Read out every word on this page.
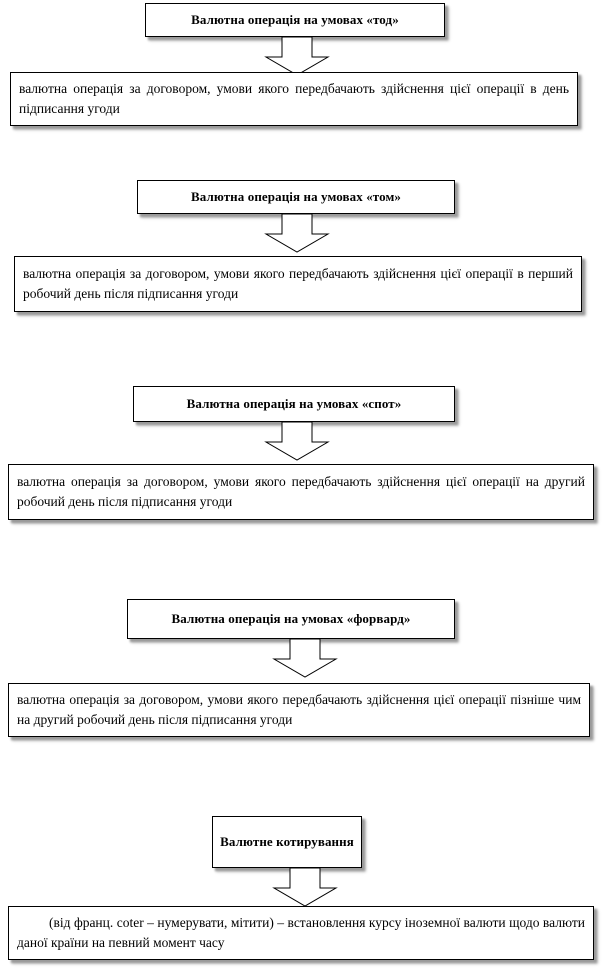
Валютна операція на умовах «тод»
валютна операція за договором, умови якого передбачають здійснення цієї операції в день підписання угоди
Валютна операція на умовах «том»
валютна операція за договором, умови якого передбачають здійснення цієї операції в перший робочий день після підписання угоди
Валютна операція на умовах «спот»
валютна операція за договором, умови якого передбачають здійснення цієї операції на другий робочий день після підписання угоди
Валютна операція на умовах «форвард»
валютна операція за договором, умови якого передбачають здійснення цієї операції пізніше чим на другий робочий день після підписання угоди
Валютне котирування
(від франц. coter – нумерувати, мітити) – встановлення курсу іноземної валюти щодо валюти даної країни на певний момент часу
